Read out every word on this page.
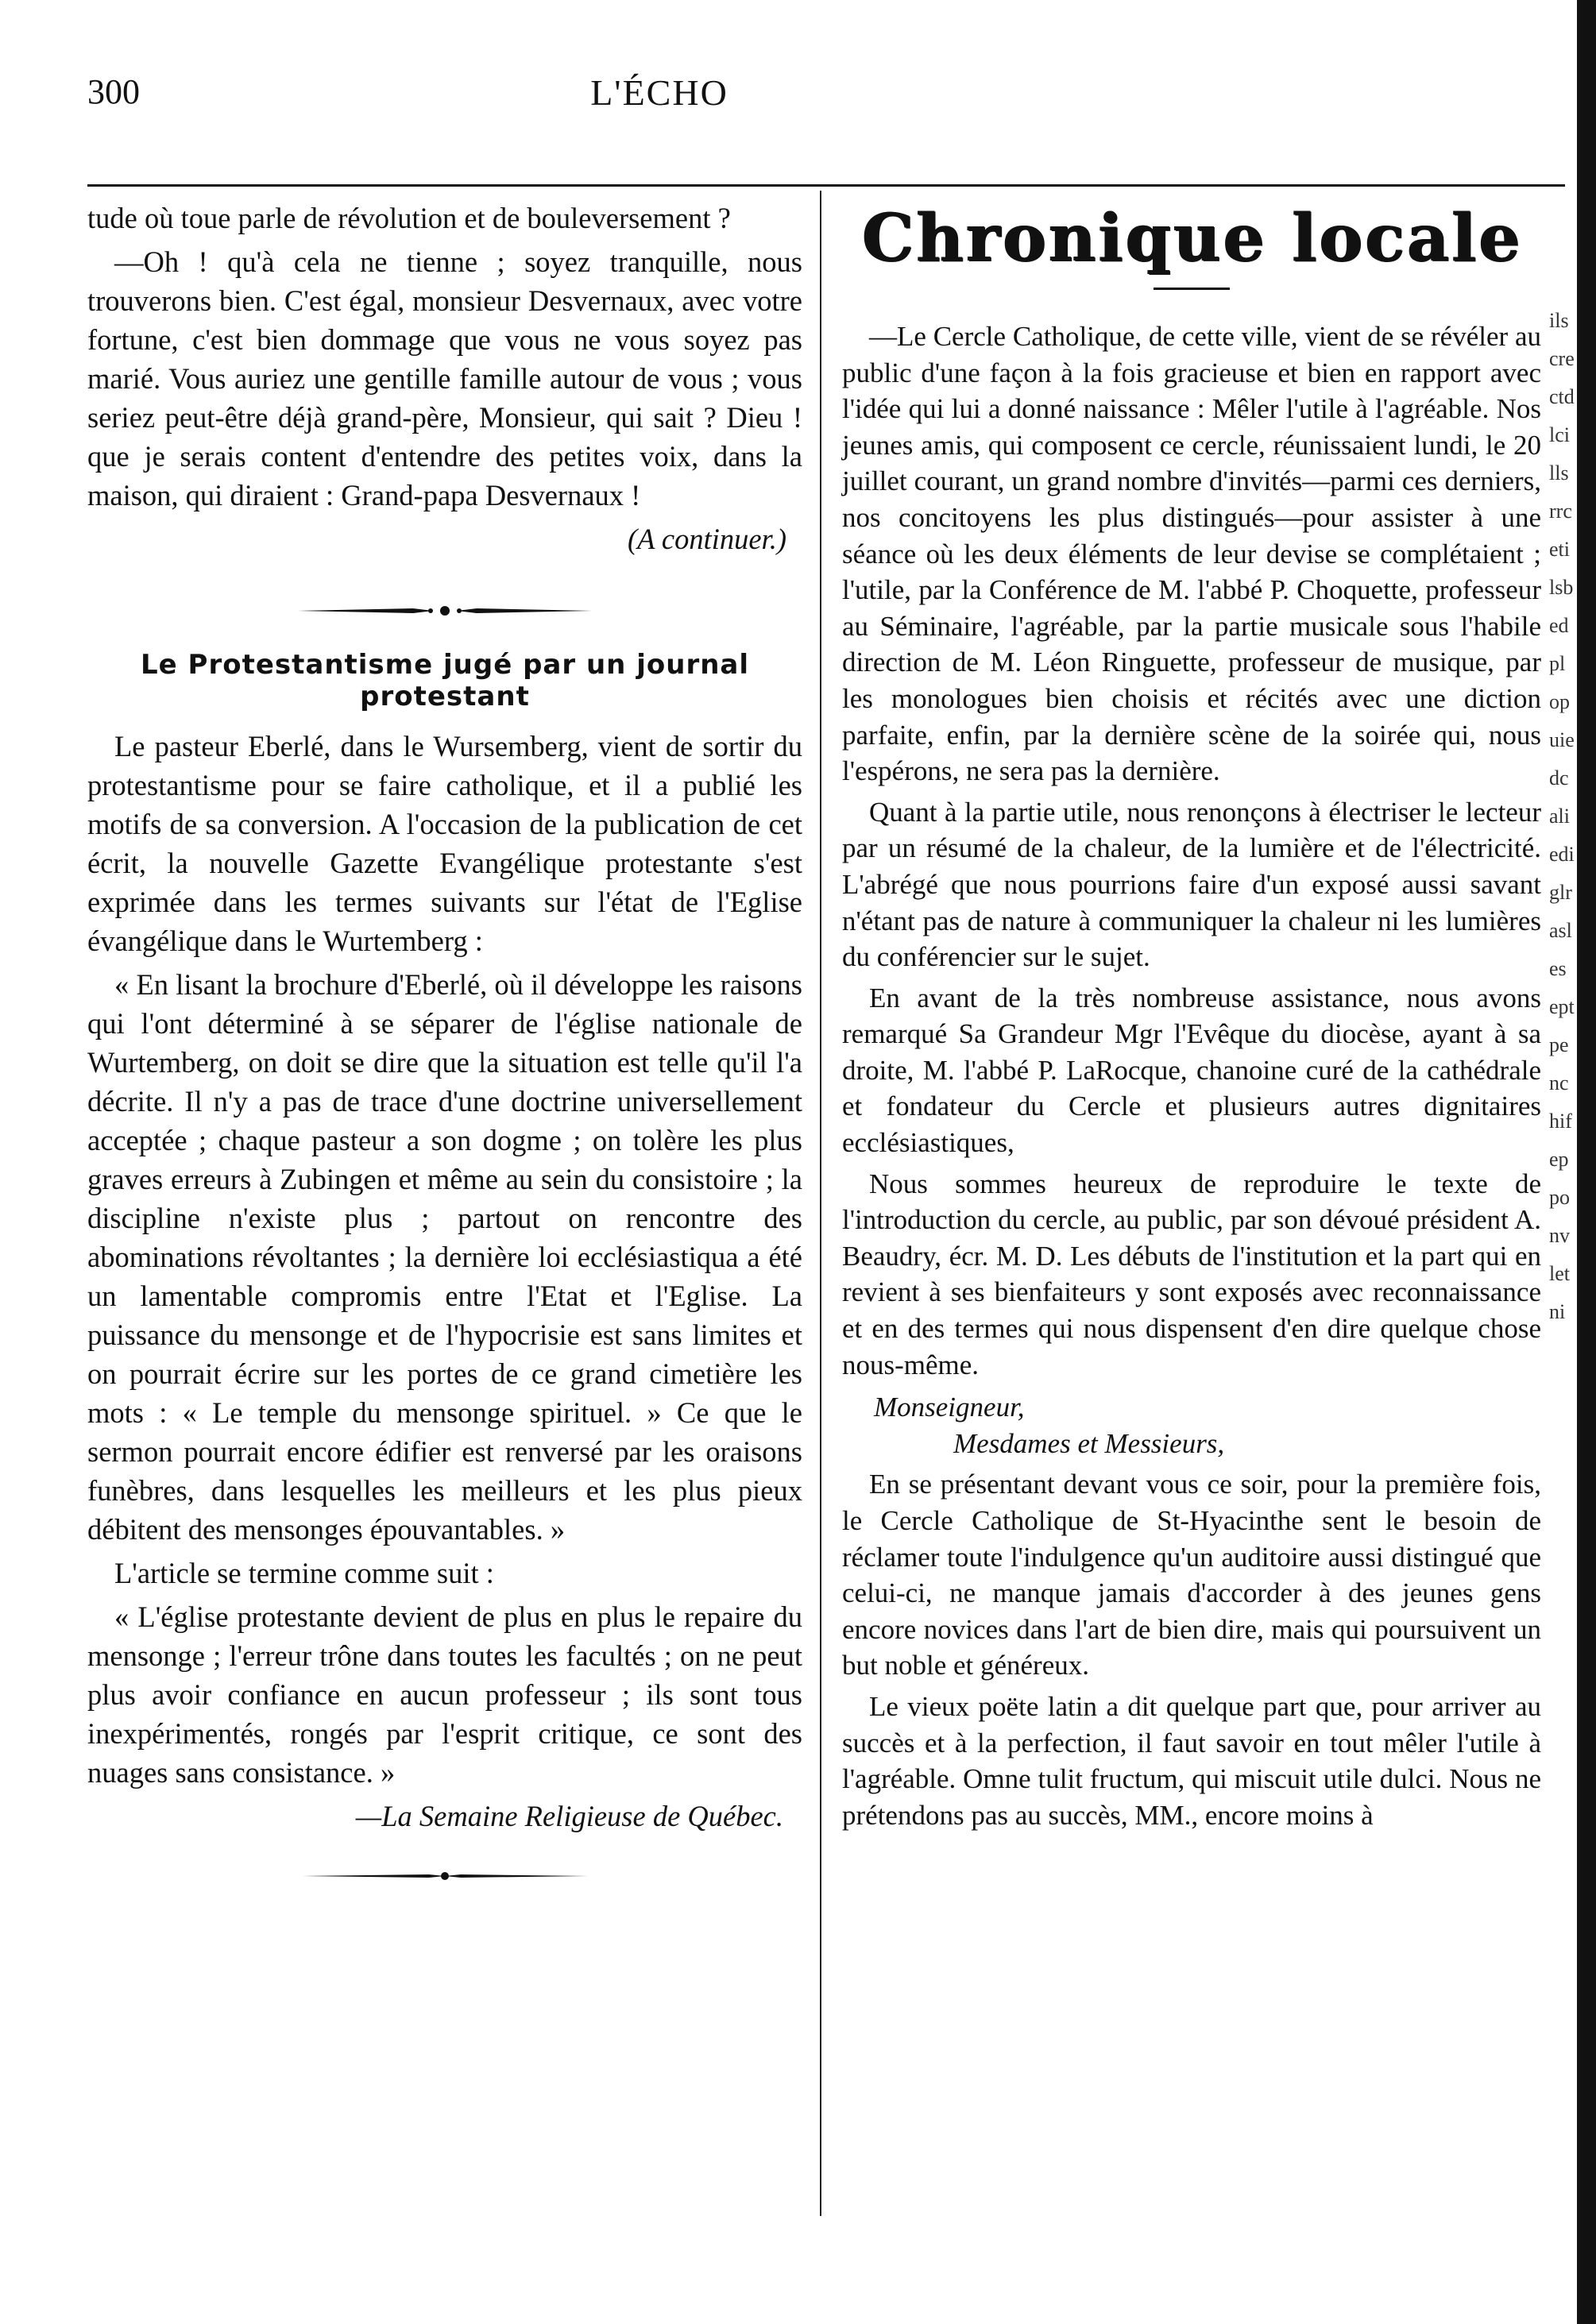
300	L'ÉCHO

tude où toue parle de révolution et de bouleversement ?

—Oh ! qu'à cela ne tienne ; soyez tranquille, nous trouverons bien. C'est égal, monsieur Desvernaux, avec votre fortune, c'est bien dommage que vous ne vous soyez pas marié. Vous auriez une gentille famille autour de vous ; vous seriez peut-être déjà grand-père, Monsieur, qui sait ? Dieu ! que je serais content d'entendre des petites voix, dans la maison, qui diraient : Grand-papa Desvernaux !

(A continuer.)

Le Protestantisme jugé par un journal protestant

Le pasteur Eberlé, dans le Wursemberg, vient de sortir du protestantisme pour se faire catholique, et il a publié les motifs de sa conversion. A l'occasion de la publication de cet écrit, la nouvelle Gazette Evangélique protestante s'est exprimée dans les termes suivants sur l'état de l'Eglise évangélique dans le Wurtemberg :

« En lisant la brochure d'Eberlé, où il développe les raisons qui l'ont déterminé à se séparer de l'église nationale de Wurtemberg, on doit se dire que la situation est telle qu'il l'a décrite. Il n'y a pas de trace d'une doctrine universellement acceptée ; chaque pasteur a son dogme ; on tolère les plus graves erreurs à Zubingen et même au sein du consistoire ; la discipline n'existe plus ; partout on rencontre des abominations révoltantes ; la dernière loi ecclésiastiqua a été un lamentable compromis entre l'Etat et l'Eglise. La puissance du mensonge et de l'hypocrisie est sans limites et on pourrait écrire sur les portes de ce grand cimetière les mots : « Le temple du mensonge spirituel. » Ce que le sermon pourrait encore édifier est renversé par les oraisons funèbres, dans lesquelles les meilleurs et les plus pieux débitent des mensonges épouvantables. »

L'article se termine comme suit :

« L'église protestante devient de plus en plus le repaire du mensonge ; l'erreur trône dans toutes les facultés ; on ne peut plus avoir confiance en aucun professeur ; ils sont tous inexpérimentés, rongés par l'esprit critique, ce sont des nuages sans consistance. »

—La Semaine Religieuse de Québec.

Chronique locale

—Le Cercle Catholique, de cette ville, vient de se révéler au public d'une façon à la fois gracieuse et bien en rapport avec l'idée qui lui a donné naissance : Mêler l'utile à l'agréable. Nos jeunes amis, qui composent ce cercle, réunissaient lundi, le 20 juillet courant, un grand nombre d'invités—parmi ces derniers, nos concitoyens les plus distingués—pour assister à une séance où les deux éléments de leur devise se complétaient ; l'utile, par la Conférence de M. l'abbé P. Choquette, professeur au Séminaire, l'agréable, par la partie musicale sous l'habile direction de M. Léon Ringuette, professeur de musique, par les monologues bien choisis et récités avec une diction parfaite, enfin, par la dernière scène de la soirée qui, nous l'espérons, ne sera pas la dernière.

Quant à la partie utile, nous renonçons à électriser le lecteur par un résumé de la chaleur, de la lumière et de l'électricité. L'abrégé que nous pourrions faire d'un exposé aussi savant n'étant pas de nature à communiquer la chaleur ni les lumières du conférencier sur le sujet.

En avant de la très nombreuse assistance, nous avons remarqué Sa Grandeur Mgr l'Evêque du diocèse, ayant à sa droite, M. l'abbé P. LaRocque, chanoine curé de la cathédrale et fondateur du Cercle et plusieurs autres dignitaires ecclésiastiques,

Nous sommes heureux de reproduire le texte de l'introduction du cercle, au public, par son dévoué président A. Beaudry, écr. M. D. Les débuts de l'institution et la part qui en revient à ses bienfaiteurs y sont exposés avec reconnaissance et en des termes qui nous dispensent d'en dire quelque chose nous-même.

Monseigneur,

Mesdames et Messieurs,

En se présentant devant vous ce soir, pour la première fois, le Cercle Catholique de St-Hyacinthe sent le besoin de réclamer toute l'indulgence qu'un auditoire aussi distingué que celui-ci, ne manque jamais d'accorder à des jeunes gens encore novices dans l'art de bien dire, mais qui poursuivent un but noble et généreux.

Le vieux poëte latin a dit quelque part que, pour arriver au succès et à la perfection, il faut savoir en tout mêler l'utile à l'agréable. Omne tulit fructum, qui miscuit utile dulci. Nous ne prétendons pas au succès, MM., encore moins à

ilscrectdlcillsrrcetilsbedplopuiedcaliediglrasleseptpenchifepponvletni
